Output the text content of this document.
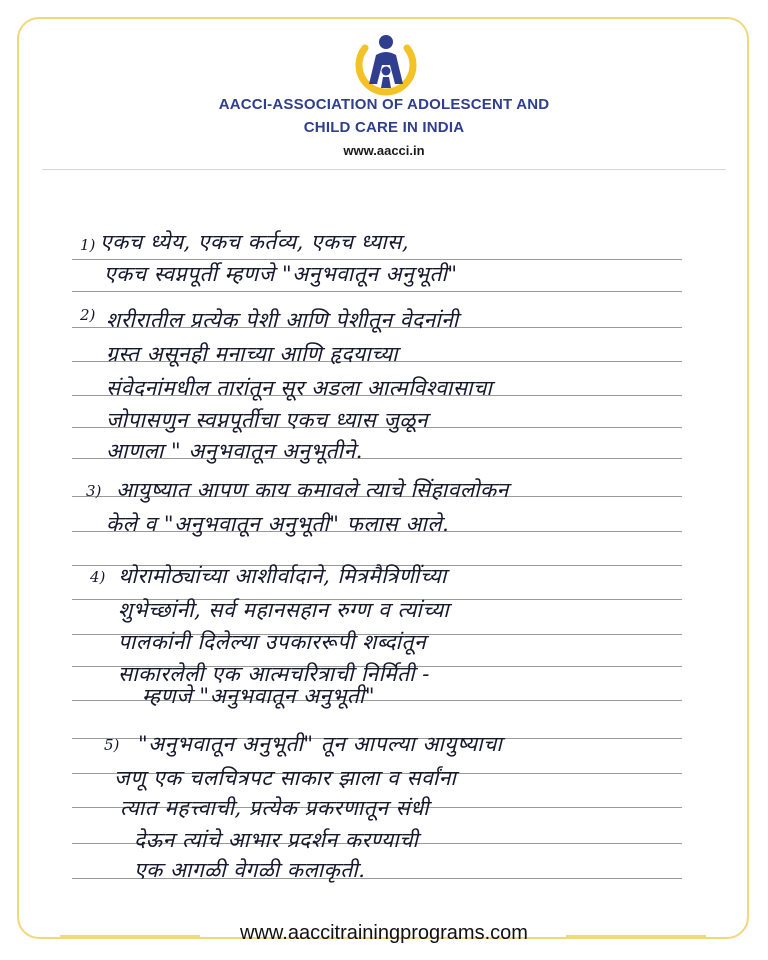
AACCI-ASSOCIATION OF ADOLESCENT AND
CHILD CARE IN INDIA
www.aacci.in
1) एकच ध्येय, एकच कर्तव्य, एकच ध्यास,
एकच स्वप्नपूर्ती म्हणजे "अनुभवातून अनुभूती"
2) शरीरातील प्रत्येक पेशी आणि पेशीतून वेदनांनी
ग्रस्त असूनही मनाच्या आणि हृदयाच्या
संवेदनांमधील तारांतून सूर अडला आत्मविश्वासाचा
जोपासणुन स्वप्नपूर्तीचा एकच ध्यास जुळून
आणला " अनुभवातून अनुभूतीने.
3) आयुष्यात आपण काय कमावले त्याचे सिंहावलोकन
केले व "अनुभवातून अनुभूती" फलास आले.
4) थोरामोठ्यांच्या आशीर्वादाने, मित्रमैत्रिणींच्या
शुभेच्छांनी, सर्व महानसहान रुग्ण व त्यांच्या
पालकांनी दिलेल्या उपकाररूपी शब्दांतून
साकारलेली एक आत्मचरित्राची निर्मिती -
म्हणजे "अनुभवातून अनुभूती"
5) "अनुभवातून अनुभूती" तून आपल्या आयुष्याचा
जणू एक चलचित्रपट साकार झाला व सर्वांना
त्यात महत्त्वाची, प्रत्येक प्रकरणातून संधी
देऊन त्यांचे आभार प्रदर्शन करण्याची
एक आगळी वेगळी कलाकृती.
www.aaccitrainingprograms.com
